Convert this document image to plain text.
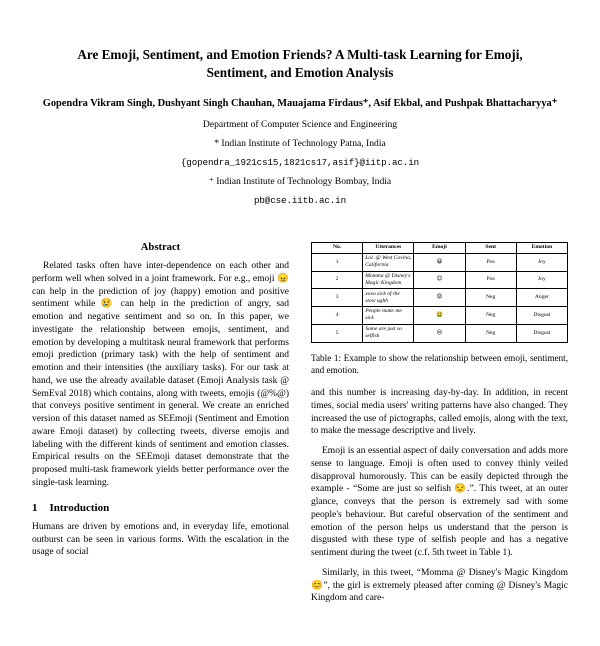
Are Emoji, Sentiment, and Emotion Friends? A Multi-task Learning for Emoji, Sentiment, and Emotion Analysis
Gopendra Vikram Singh, Dushyant Singh Chauhan, Mauajama Firdaus⁺, Asif Ekbal, and Pushpak Bhattacharyya⁺
Department of Computer Science and Engineering
* Indian Institute of Technology Patna, India
{gopendra_1921cs15,1821cs17,asif}@iitp.ac.in
⁺ Indian Institute of Technology Bombay, India
pb@cse.iitb.ac.in
Abstract

Related tasks often have inter-dependence on each other and perform well when solved in a joint framework. For e.g., emoji 😠 can help in the prediction of joy (happy) emotion and positive sentiment while 😢 can help in the prediction of angry, sad emotion and negative sentiment and so on. In this paper, we investigate the relationship between emojis, sentiment, and emotion by developing a multitask neural framework that performs emoji prediction (primary task) with the help of sentiment and emotion and their intensities (the auxiliary tasks). For our task at hand, we use the already available dataset (Emoji Analysis task @ SemEval 2018) which contains, along with tweets, emojis (@%@) that conveys positive sentiment in general. We create an enriched version of this dataset named as SEEmoji (Sentiment and Emotion aware Emoji dataset) by collecting tweets, diverse emojis and labeling with the different kinds of sentiment and emotion classes. Empirical results on the SEEmoji dataset demonstrate that the proposed multi-task framework yields better performance over the single-task learning.

1 Introduction

Humans are driven by emotions and, in everyday life, emotional outburst can be seen in various forms. With the escalation in the usage of social

No.	Utterances	Emoji	Sent	Emotion
1	Lol. @ West Covina, California	😆	Pos	Joy
2	Momma @ Disney's Magic Kingdom	😊	Pos	Joy
3	xoxo sick of the stow ughh	😡	Neg	Anger
4	People make me sick	🤮	Neg	Disgust
5	Some are just so selfish	😒	Neg	Disgust
Table 1: Example to show the relationship between emoji, sentiment, and emotion.

and this number is increasing day-by-day. In addition, in recent times, social media users' writing patterns have also changed. They increased the use of pictographs, called emojis, along with the text, to make the message descriptive and lively.

Emoji is an essential aspect of daily conversation and adds more sense to language. Emoji is often used to convey thinly veiled disapproval humorously. This can be easily depicted through the example - “Some are just so selfish 😒.”. This tweet, at an outer glance, conveys that the person is extremely sad with some people's behaviour. But careful observation of the sentiment and emotion of the person helps us understand that the person is disgusted with these type of selfish people and has a negative sentiment during the tweet (c.f. 5th tweet in Table 1).

Similarly, in this tweet, “Momma @ Disney's Magic Kingdom 😊”, the girl is extremely pleased after coming @ Disney's Magic Kingdom and care-
